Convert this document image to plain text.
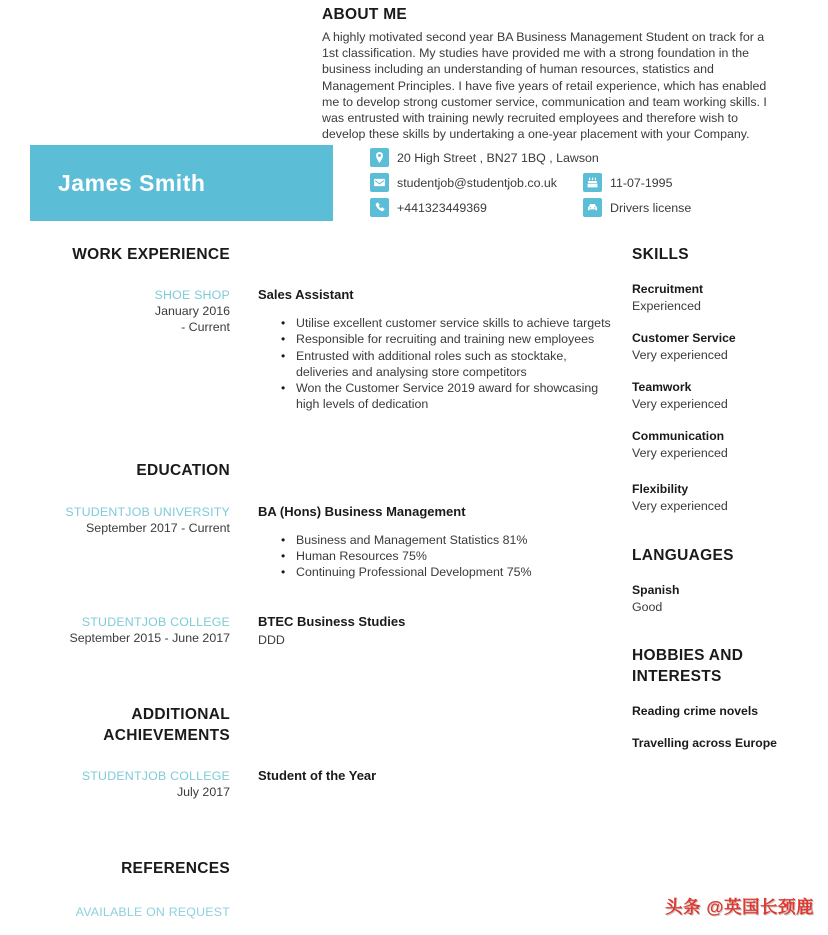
ABOUT ME

A highly motivated second year BA Business Management Student on track for a 1st classification. My studies have provided me with a strong foundation in the business including an understanding of human resources, statistics and Management Principles. I have five years of retail experience, which has enabled me to develop strong customer service, communication and team working skills. I was entrusted with training newly recruited employees and therefore wish to develop these skills by undertaking a one-year placement with your Company.

James Smith
20 High Street , BN27 1BQ , Lawson
studentjob@studentjob.co.uk	11-07-1995
+441323449369	Drivers license
WORK EXPERIENCE
SHOE SHOP
January 2016
- Current
Sales Assistant
• Utilise excellent customer service skills to achieve targets
• Responsible for recruiting and training new employees
• Entrusted with additional roles such as stocktake, deliveries and analysing store competitors
• Won the Customer Service 2019 award for showcasing high levels of dedication
EDUCATION
STUDENTJOB UNIVERSITY
September 2017 - Current
BA (Hons) Business Management
• Business and Management Statistics 81%
• Human Resources 75%
• Continuing Professional Development 75%
STUDENTJOB COLLEGE
September 2015 - June 2017
BTEC Business Studies
DDD
ADDITIONAL ACHIEVEMENTS
STUDENTJOB COLLEGE
July 2017
Student of the Year
REFERENCES
AVAILABLE ON REQUEST
SKILLS
Recruitment
Experienced
Customer Service
Very experienced
Teamwork
Very experienced
Communication
Very experienced
Flexibility
Very experienced
LANGUAGES
Spanish
Good
HOBBIES AND INTERESTS
Reading crime novels
Travelling across Europe
头条 @英国长颈鹿
